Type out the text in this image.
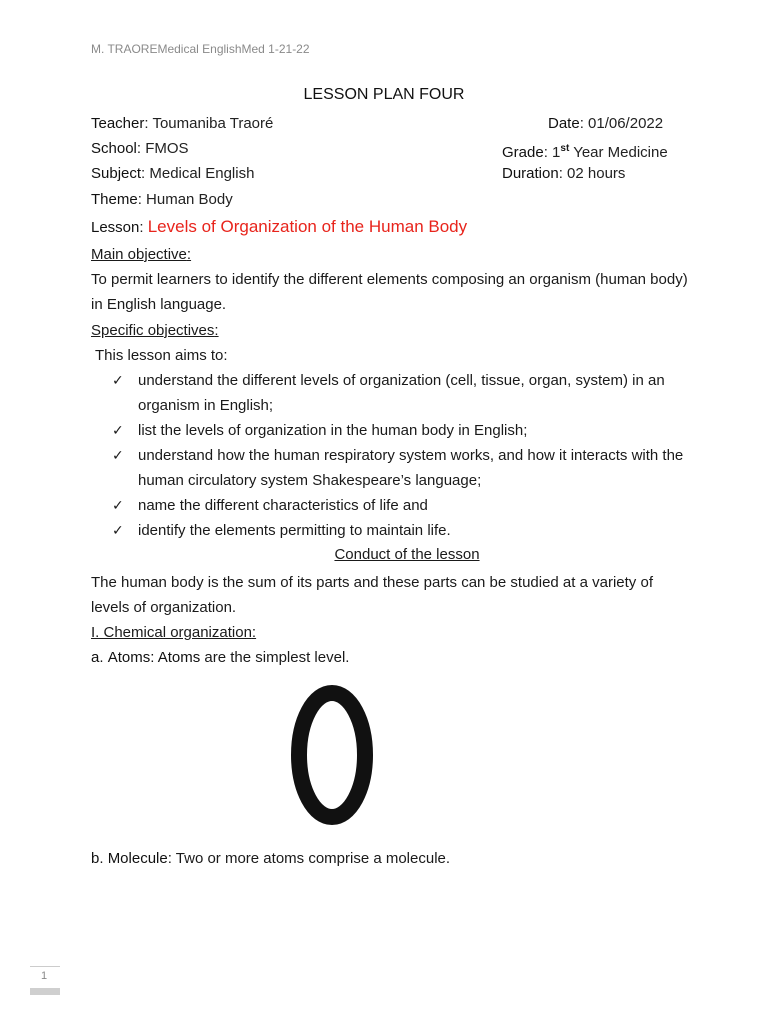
M. TRAOREMedical EnglishMed 1-21-22
LESSON PLAN FOUR
Teacher: Toumaniba Traoré
School: FMOS
Subject: Medical English
Theme: Human Body
Date: 01/06/2022
Grade: 1st Year Medicine
Duration: 02 hours
Lesson: Levels of Organization of the Human Body
Main objective:
To permit learners to identify the different elements composing an organism (human body) in English language.
Specific objectives:
This lesson aims to:
✓ understand the different levels of organization (cell, tissue, organ, system) in an organism in English;
✓ list the levels of organization in the human body in English;
✓ understand how the human respiratory system works, and how it interacts with the human circulatory system Shakespeare’s language;
✓ name the different characteristics of life and
✓ identify the elements permitting to maintain life.
Conduct of the lesson
The human body is the sum of its parts and these parts can be studied at a variety of levels of organization.
I. Chemical organization:
a. Atoms: Atoms are the simplest level.
b. Molecule: Two or more atoms comprise a molecule.
1
